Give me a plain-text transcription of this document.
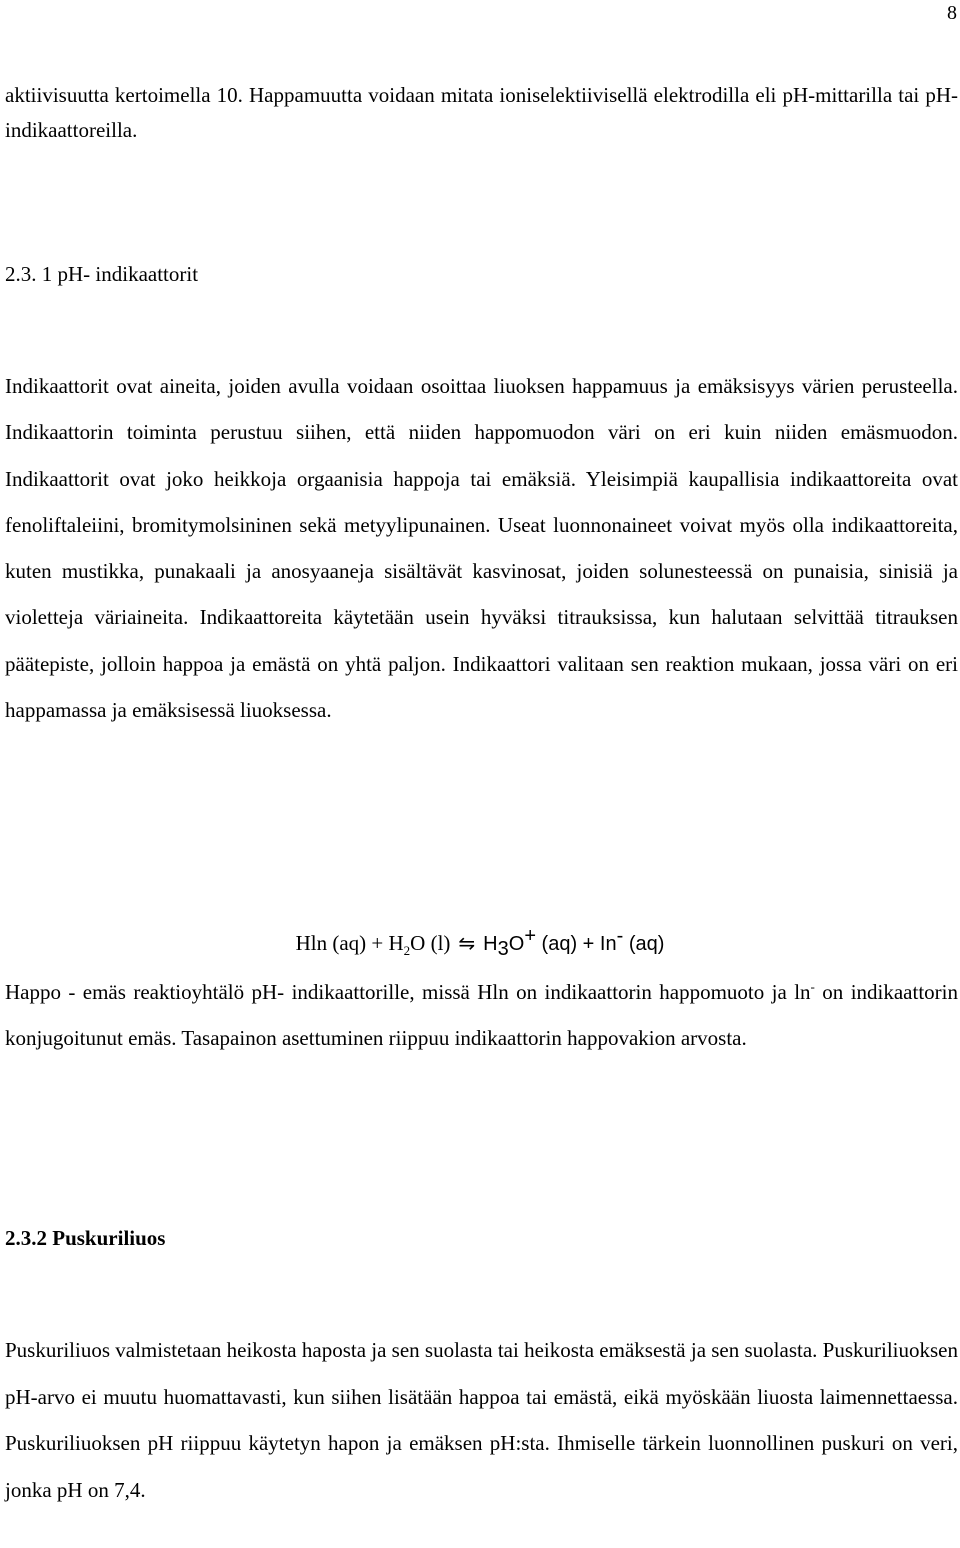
8

aktiivisuutta kertoimella 10. Happamuutta voidaan mitata ioniselektiivisellä elektrodilla eli pH-mittarilla tai pH-indikaattoreilla.

2.3. 1 pH- indikaattorit

Indikaattorit ovat aineita, joiden avulla voidaan osoittaa liuoksen happamuus ja emäksisyys värien perusteella. Indikaattorin toiminta perustuu siihen, että niiden happomuodon väri on eri kuin niiden emäsmuodon. Indikaattorit ovat joko heikkoja orgaanisia happoja tai emäksiä. Yleisimpiä kaupallisia indikaattoreita ovat fenoliftaleiini, bromitymolsininen sekä metyylipunainen. Useat luonnonaineet voivat myös olla indikaattoreita, kuten mustikka, punakaali ja anosyaaneja sisältävät kasvinosat, joiden solunesteessä on punaisia, sinisiä ja violetteja väriaineita. Indikaattoreita käytetään usein hyväksi titrauksissa, kun halutaan selvittää titrauksen päätepiste, jolloin happoa ja emästä on yhtä paljon. Indikaattori valitaan sen reaktion mukaan, jossa väri on eri happamassa ja emäksisessä liuoksessa.

Hln $(aq) + H_2O$ (l) ⇋ $H_3O^+$ (aq) + In- (aq)

Happo - emäs reaktioyhtälö pH- indikaattorille, missä Hln on indikaattorin happomuoto ja ln- on indikaattorin konjugoitunut emäs. Tasapainon asettuminen riippuu indikaattorin happovakion arvosta.

2.3.2 Puskuriliuos

Puskuriliuos valmistetaan heikosta haposta ja sen suolasta tai heikosta emäksestä ja sen suolasta. Puskuriliuoksen pH-arvo ei muutu huomattavasti, kun siihen lisätään happoa tai emästä, eikä myöskään liuosta laimennettaessa. Puskuriliuoksen pH riippuu käytetyn hapon ja emäksen pH:sta. Ihmiselle tärkein luonnollinen puskuri on veri, jonka pH on 7,4.
